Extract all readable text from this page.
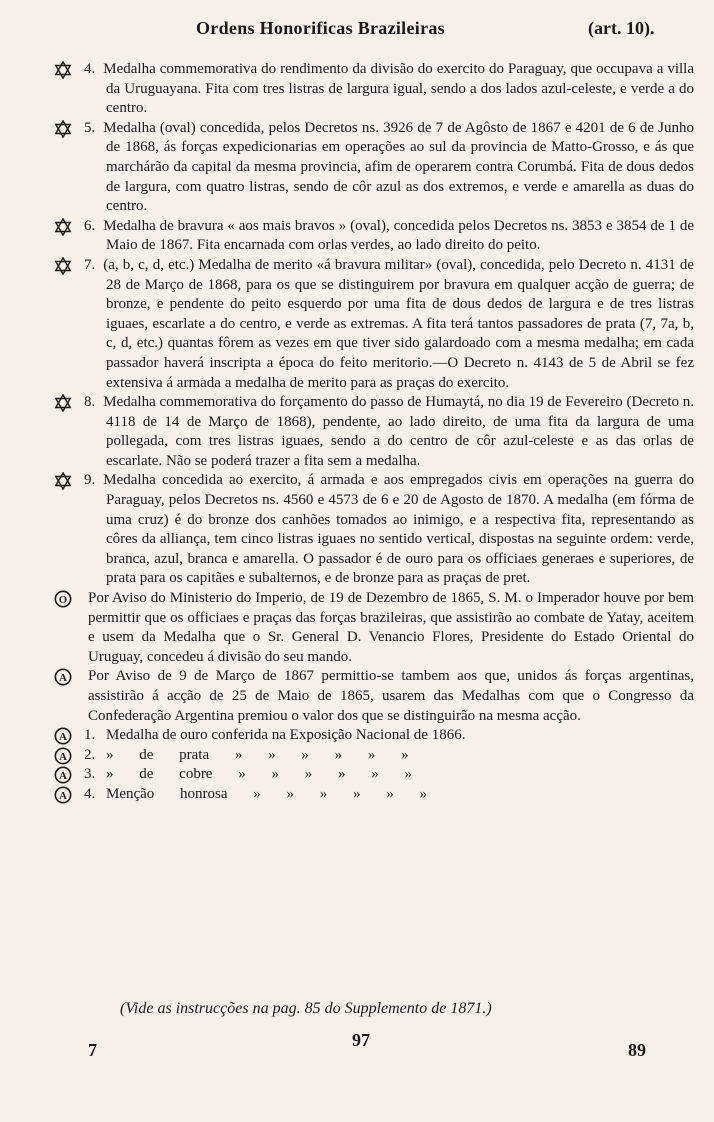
Ordens Honorificas Brazileiras	(art. 10).
4. Medalha commemorativa do rendimento da divisão do exercito do Paraguay, que occupava a villa da Uruguayana. Fita com tres listras de largura igual, sendo a dos lados azul-celeste, e verde a do centro.
5. Medalha (oval) concedida, pelos Decretos ns. 3926 de 7 de Agôsto de 1867 e 4201 de 6 de Junho de 1868, ás forças expedicionarias em operações ao sul da provincia de Matto-Grosso, e ás que marchárão da capital da mesma provincia, afim de operarem contra Corumbá. Fita de dous dedos de largura, com quatro listras, sendo de côr azul as dos extremos, e verde e amarella as duas do centro.
6. Medalha de bravura « aos mais bravos » (oval), concedida pelos Decretos ns. 3853 e 3854 de 1 de Maio de 1867. Fita encarnada com orlas verdes, ao lado direito do peito.
7. (a, b, c, d, etc.) Medalha de merito «á bravura militar» (oval), concedida, pelo Decreto n. 4131 de 28 de Março de 1868, para os que se distinguirem por bravura em qualquer acção de guerra; de bronze, e pendente do peito esquerdo por uma fita de dous dedos de largura e de tres listras iguaes, escarlate a do centro, e verde as extremas. A fita terá tantos passadores de prata (7, 7a, b, c, d, etc.) quantas fôrem as vezes em que tiver sido galardoado com a mesma medalha; em cada passador haverá inscripta a época do feito meritorio.—O Decreto n. 4143 de 5 de Abril se fez extensiva á armada a medalha de merito para as praças do exercito.
8. Medalha commemorativa do forçamento do passo de Humaytá, no dia 19 de Fevereiro (Decreto n. 4118 de 14 de Março de 1868), pendente, ao lado direito, de uma fita da largura de uma pollegada, com tres listras iguaes, sendo a do centro de côr azul-celeste e as das orlas de escarlate. Não se poderá trazer a fita sem a medalha.
9. Medalha concedida ao exercito, á armada e aos empregados civis em operações na guerra do Paraguay, pelos Decretos ns. 4560 e 4573 de 6 e 20 de Agosto de 1870. A medalha (em fórma de uma cruz) é do bronze dos canhões tomados ao inimigo, e a respectiva fita, representando as côres da alliança, tem cinco listras iguaes no sentido vertical, dispostas na seguinte ordem: verde, branca, azul, branca e amarella. O passador é de ouro para os officiaes generaes e superiores, de prata para os capitães e subalternos, e de bronze para as praças de pret.
O Por Aviso do Ministerio do Imperio, de 19 de Dezembro de 1865, S. M. o Imperador houve por bem permittir que os officiaes e praças das forças brazileiras, que assistirão ao combate de Yatay, aceitem e usem da Medalha que o Sr. General D. Venancio Flores, Presidente do Estado Oriental do Uruguay, concedeu á divisão do seu mando.
A Por Aviso de 9 de Março de 1867 permittio-se tambem aos que, unidos ás forças argentinas, assistirão á acção de 25 de Maio de 1865, usarem das Medalhas com que o Congresso da Confederação Argentina premiou o valor dos que se distinguirão na mesma acção.
A 1. Medalha de ouro conferida na Exposição Nacional de 1866.
A 2. » de prata » » » » » »
A 3. » de cobre » » » » » »
A 4. Menção honrosa » » » » » »
(Vide as instrucções na pag. 85 do Supplemento de 1871.)
97
7	89
